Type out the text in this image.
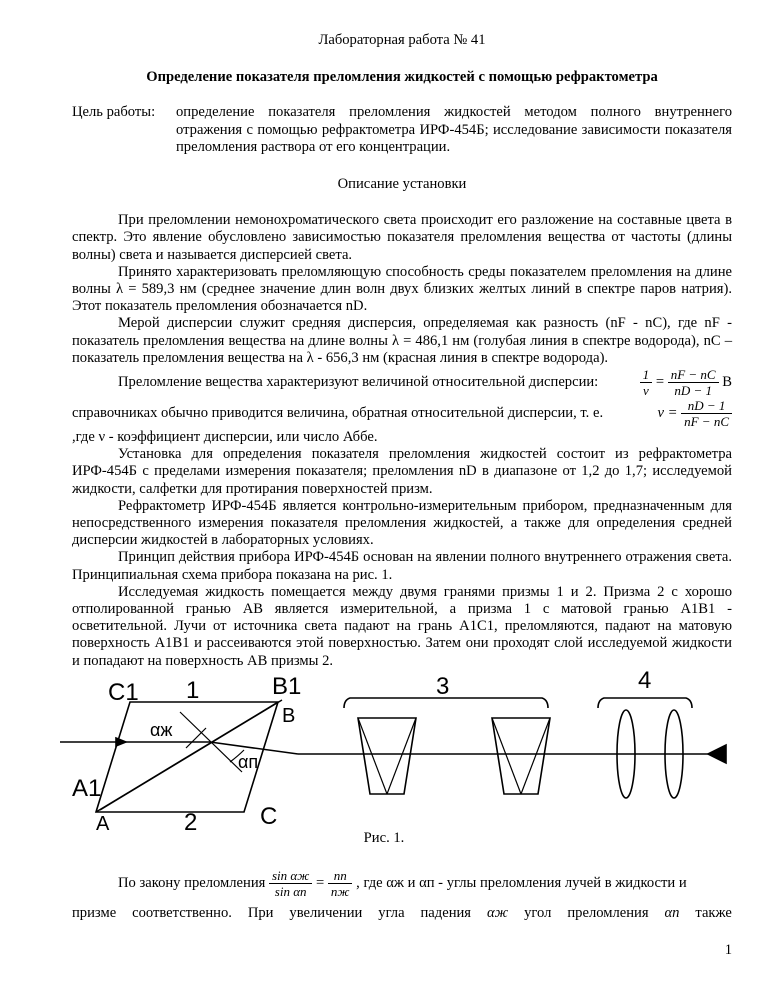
Лабораторная работа № 41
Определение показателя преломления жидкостей с помощью рефрактометра
Цель работы:	определение показателя преломления жидкостей методом полного внутреннего отражения с помощью рефрактометра ИРФ-454Б; исследование зависимости показателя преломления раствора от его концентрации.
Описание установки

При преломлении немонохроматического света происходит его разложение на составные цвета в спектр. Это явление обусловлено зависимостью показателя преломления вещества от частоты (длины волны) света и называется дисперсией света.

Принято характеризовать преломляющую способность среды показателем преломления на длине волны λ = 589,3 нм (среднее значение длин волн двух близких желтых линий в спектре паров натрия). Этот показатель преломления обозначается nD.

Мерой дисперсии служит средняя дисперсия, определяемая как разность (nF - nC), где nF - показатель преломления вещества на длине волны λ = 486,1 нм (голубая линия в спектре водорода), nC – показатель преломления вещества на λ - 656,3 нм (красная линия в спектре водорода).

Преломление вещества характеризуют величиной относительной дисперсии:	$\frac{1}{\nu} = \frac{nF - nC}{nD - 1}$ В
справочниках обычно приводится величина, обратная относительной дисперсии, т. е.	$\nu = \frac{nD - 1}{nF - nC}$

,где ν - коэффициент дисперсии, или число Аббе.

Установка для определения показателя преломления жидкостей состоит из рефрактометра ИРФ-454Б с пределами измерения показателя; преломления nD в диапазоне от 1,2 до 1,7; исследуемой жидкости, салфетки для протирания поверхностей призм.

Рефрактометр ИРФ-454Б является контрольно-измерительным прибором, предназначенным для непосредственного измерения показателя преломления жидкостей, а также для определения средней дисперсии жидкостей в лабораторных условиях.

Принцип действия прибора ИРФ-454Б основан на явлении полного внутреннего отражения света. Принципиальная схема прибора показана на рис. 1.

Исследуемая жидкость помещается между двумя гранями призмы 1 и 2. Призма 2 с хорошо отполированной гранью AB является измерительной, а призма 1 с матовой гранью A1B1 - осветительной. Лучи от источника света падают на грань A1C1, преломляются, падают на матовую поверхность A1B1 и рассеиваются этой поверхностью. Затем они проходят слой исследуемой жидкости и попадают на поверхность AB призмы 2.

C1 1	B1
B
A1
A	2	C
3	4
αж
αп
Рис. 1.
По закону преломления sin αж
sin αп
= nп
nж
, где αж и αп - углы преломления лучей в жидкости и
призме соответственно. При увеличении угла падения αж угол преломления αп также
1
